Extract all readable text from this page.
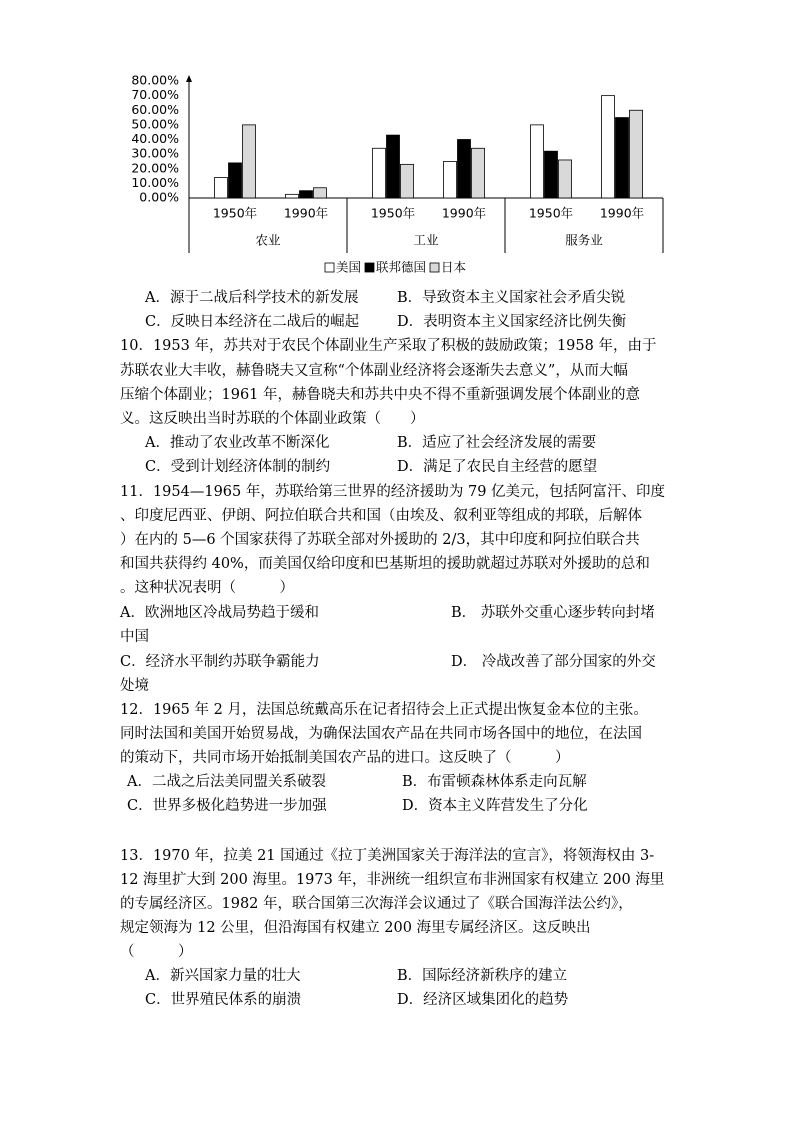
80.00%
70.00%
60.00%
50.00%
40.00%
30.00%
20.00%
10.00%
0.00%
1950年 1990年
农业
1950年 1990年
工业
1950年 1990年
服务业
美国 联邦德国 日本
A．源于二战后科学技术的新发展	B．导致资本主义国家社会矛盾尖锐
C．反映日本经济在二战后的崛起	D．表明资本主义国家经济比例失衡
10．1953 年，苏共对于农民个体副业生产采取了积极的鼓励政策；1958 年，由于
苏联农业大丰收，赫鲁晓夫又宣称“个体副业经济将会逐渐失去意义”，从而大幅
压缩个体副业；1961 年，赫鲁晓夫和苏共中央不得不重新强调发展个体副业的意
义。这反映出当时苏联的个体副业政策（　　）
A．推动了农业改革不断深化	B．适应了社会经济发展的需要
C．受到计划经济体制的制约	D．满足了农民自主经营的愿望
11．1954—1965 年，苏联给第三世界的经济援助为 79 亿美元，包括阿富汗、印度
、印度尼西亚、伊朗、阿拉伯联合共和国（由埃及、叙利亚等组成的邦联，后解体
）在内的 5—6 个国家获得了苏联全部对外援助的 2/3，其中印度和阿拉伯联合共
和国共获得约 40%，而美国仅给印度和巴基斯坦的援助就超过苏联对外援助的总和
。这种状况表明（　　　）
A．欧洲地区冷战局势趋于缓和	B． 苏联外交重心逐步转向封堵
中国
C．经济水平制约苏联争霸能力	D． 冷战改善了部分国家的外交
处境
12．1965 年 2 月，法国总统戴高乐在记者招待会上正式提出恢复金本位的主张。
同时法国和美国开始贸易战，为确保法国农产品在共同市场各国中的地位，在法国
的策动下，共同市场开始抵制美国农产品的进口。这反映了（　　　）
A．二战之后法美同盟关系破裂	B．布雷顿森林体系走向瓦解
C．世界多极化趋势进一步加强	D．资本主义阵营发生了分化
13．1970 年，拉美 21 国通过《拉丁美洲国家关于海洋法的宣言》，将领海权由 3-
12 海里扩大到 200 海里。1973 年，非洲统一组织宣布非洲国家有权建立 200 海里
的专属经济区。1982 年，联合国第三次海洋会议通过了《联合国海洋法公约》，
规定领海为 12 公里，但沿海国有权建立 200 海里专属经济区。这反映出
（　　　）
A．新兴国家力量的壮大	B．国际经济新秩序的建立
C．世界殖民体系的崩溃	D．经济区域集团化的趋势
